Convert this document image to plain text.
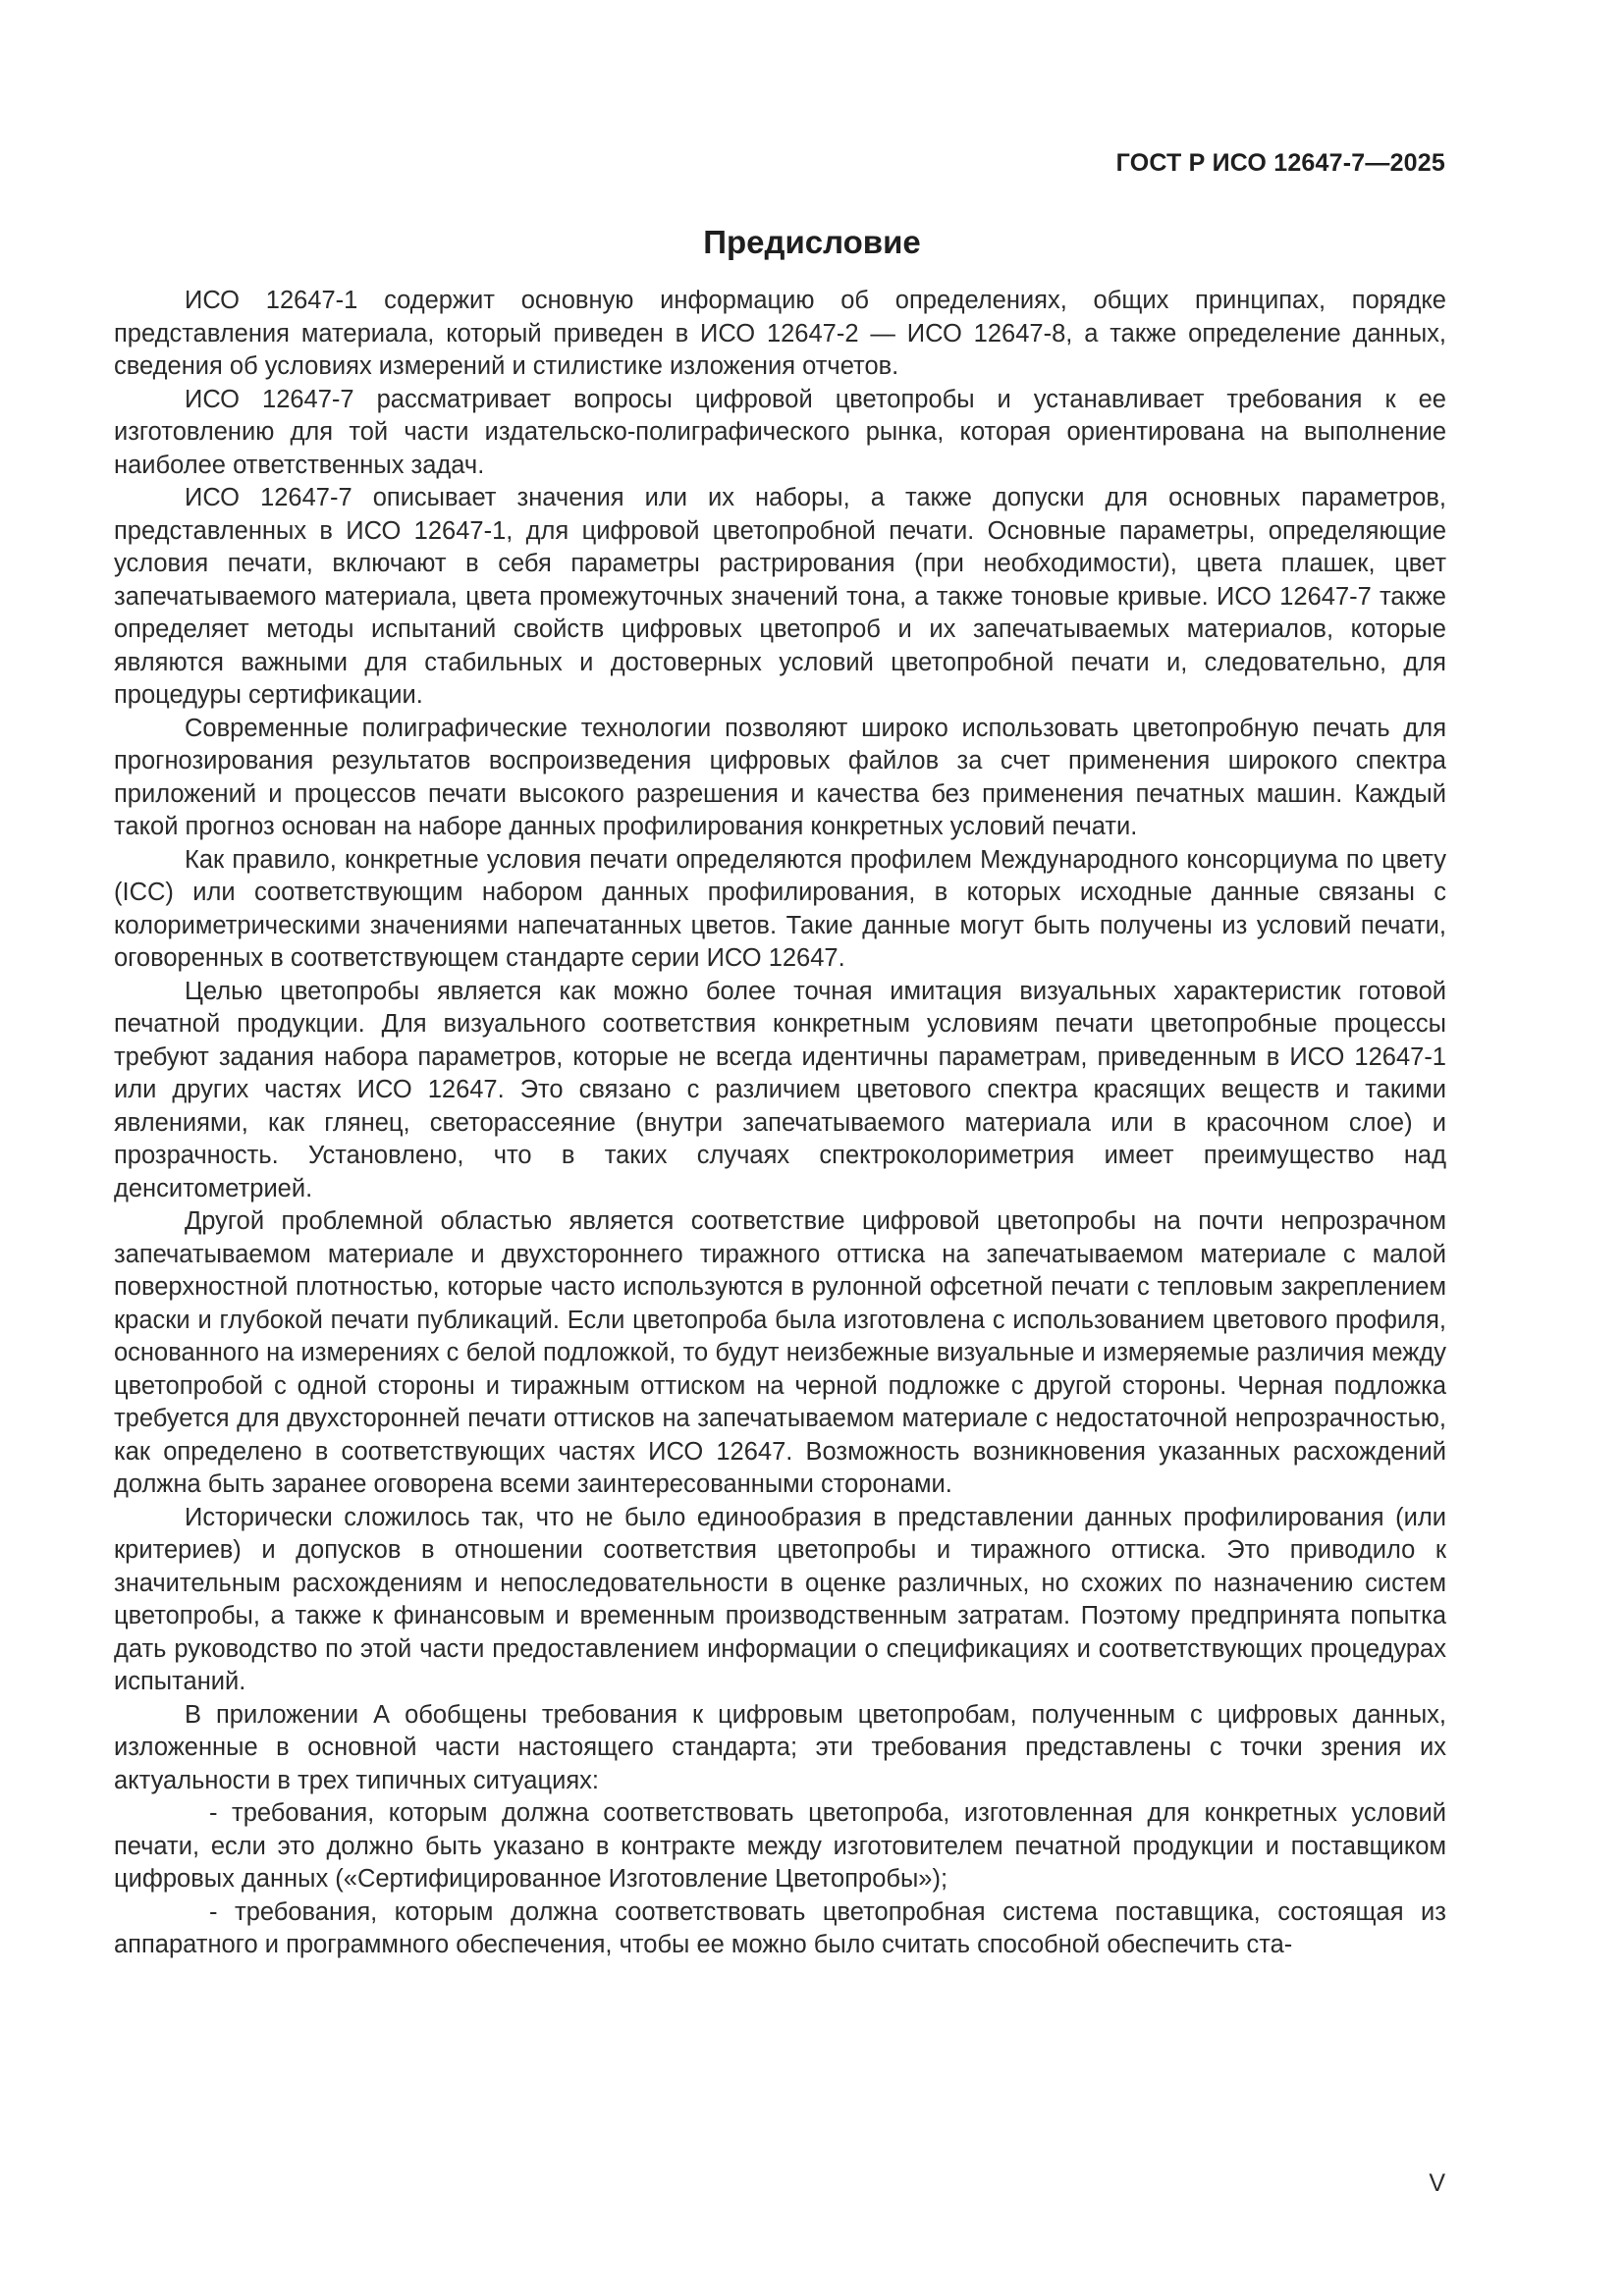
ГОСТ Р ИСО 12647-7—2025
Предисловие

ИСО 12647-1 содержит основную информацию об определениях, общих принципах, порядке представления материала, который приведен в ИСО 12647-2 — ИСО 12647-8, а также определение данных, сведения об условиях измерений и стилистике изложения отчетов.

ИСО 12647-7 рассматривает вопросы цифровой цветопробы и устанавливает требования к ее изготовлению для той части издательско-полиграфического рынка, которая ориентирована на выполнение наиболее ответственных задач.

ИСО 12647-7 описывает значения или их наборы, а также допуски для основных параметров, представленных в ИСО 12647-1, для цифровой цветопробной печати. Основные параметры, определяющие условия печати, включают в себя параметры растрирования (при необходимости), цвета плашек, цвет запечатываемого материала, цвета промежуточных значений тона, а также тоновые кривые. ИСО 12647-7 также определяет методы испытаний свойств цифровых цветопроб и их запечатываемых материалов, которые являются важными для стабильных и достоверных условий цветопробной печати и, следовательно, для процедуры сертификации.

Современные полиграфические технологии позволяют широко использовать цветопробную печать для прогнозирования результатов воспроизведения цифровых файлов за счет применения широкого спектра приложений и процессов печати высокого разрешения и качества без применения печатных машин. Каждый такой прогноз основан на наборе данных профилирования конкретных условий печати.

Как правило, конкретные условия печати определяются профилем Международного консорциума по цвету (ICC) или соответствующим набором данных профилирования, в которых исходные данные связаны с колориметрическими значениями напечатанных цветов. Такие данные могут быть получены из условий печати, оговоренных в соответствующем стандарте серии ИСО 12647.

Целью цветопробы является как можно более точная имитация визуальных характеристик готовой печатной продукции. Для визуального соответствия конкретным условиям печати цветопробные процессы требуют задания набора параметров, которые не всегда идентичны параметрам, приведенным в ИСО 12647-1 или других частях ИСО 12647. Это связано с различием цветового спектра красящих веществ и такими явлениями, как глянец, светорассеяние (внутри запечатываемого материала или в красочном слое) и прозрачность. Установлено, что в таких случаях спектроколориметрия имеет преимущество над денситометрией.

Другой проблемной областью является соответствие цифровой цветопробы на почти непрозрачном запечатываемом материале и двухстороннего тиражного оттиска на запечатываемом материале с малой поверхностной плотностью, которые часто используются в рулонной офсетной печати с тепловым закреплением краски и глубокой печати публикаций. Если цветопроба была изготовлена с использованием цветового профиля, основанного на измерениях с белой подложкой, то будут неизбежные визуальные и измеряемые различия между цветопробой с одной стороны и тиражным оттиском на черной подложке с другой стороны. Черная подложка требуется для двухсторонней печати оттисков на запечатываемом материале с недостаточной непрозрачностью, как определено в соответствующих частях ИСО 12647. Возможность возникновения указанных расхождений должна быть заранее оговорена всеми заинтересованными сторонами.

Исторически сложилось так, что не было единообразия в представлении данных профилирования (или критериев) и допусков в отношении соответствия цветопробы и тиражного оттиска. Это приводило к значительным расхождениям и непоследовательности в оценке различных, но схожих по назначению систем цветопробы, а также к финансовым и временным производственным затратам. Поэтому предпринята попытка дать руководство по этой части предоставлением информации о спецификациях и соответствующих процедурах испытаний.

В приложении А обобщены требования к цифровым цветопробам, полученным с цифровых данных, изложенные в основной части настоящего стандарта; эти требования представлены с точки зрения их актуальности в трех типичных ситуациях:

- требования, которым должна соответствовать цветопроба, изготовленная для конкретных условий печати, если это должно быть указано в контракте между изготовителем печатной продукции и поставщиком цифровых данных («Сертифицированное Изготовление Цветопробы»);

- требования, которым должна соответствовать цветопробная система поставщика, состоящая из аппаратного и программного обеспечения, чтобы ее можно было считать способной обеспечить ста-

V
